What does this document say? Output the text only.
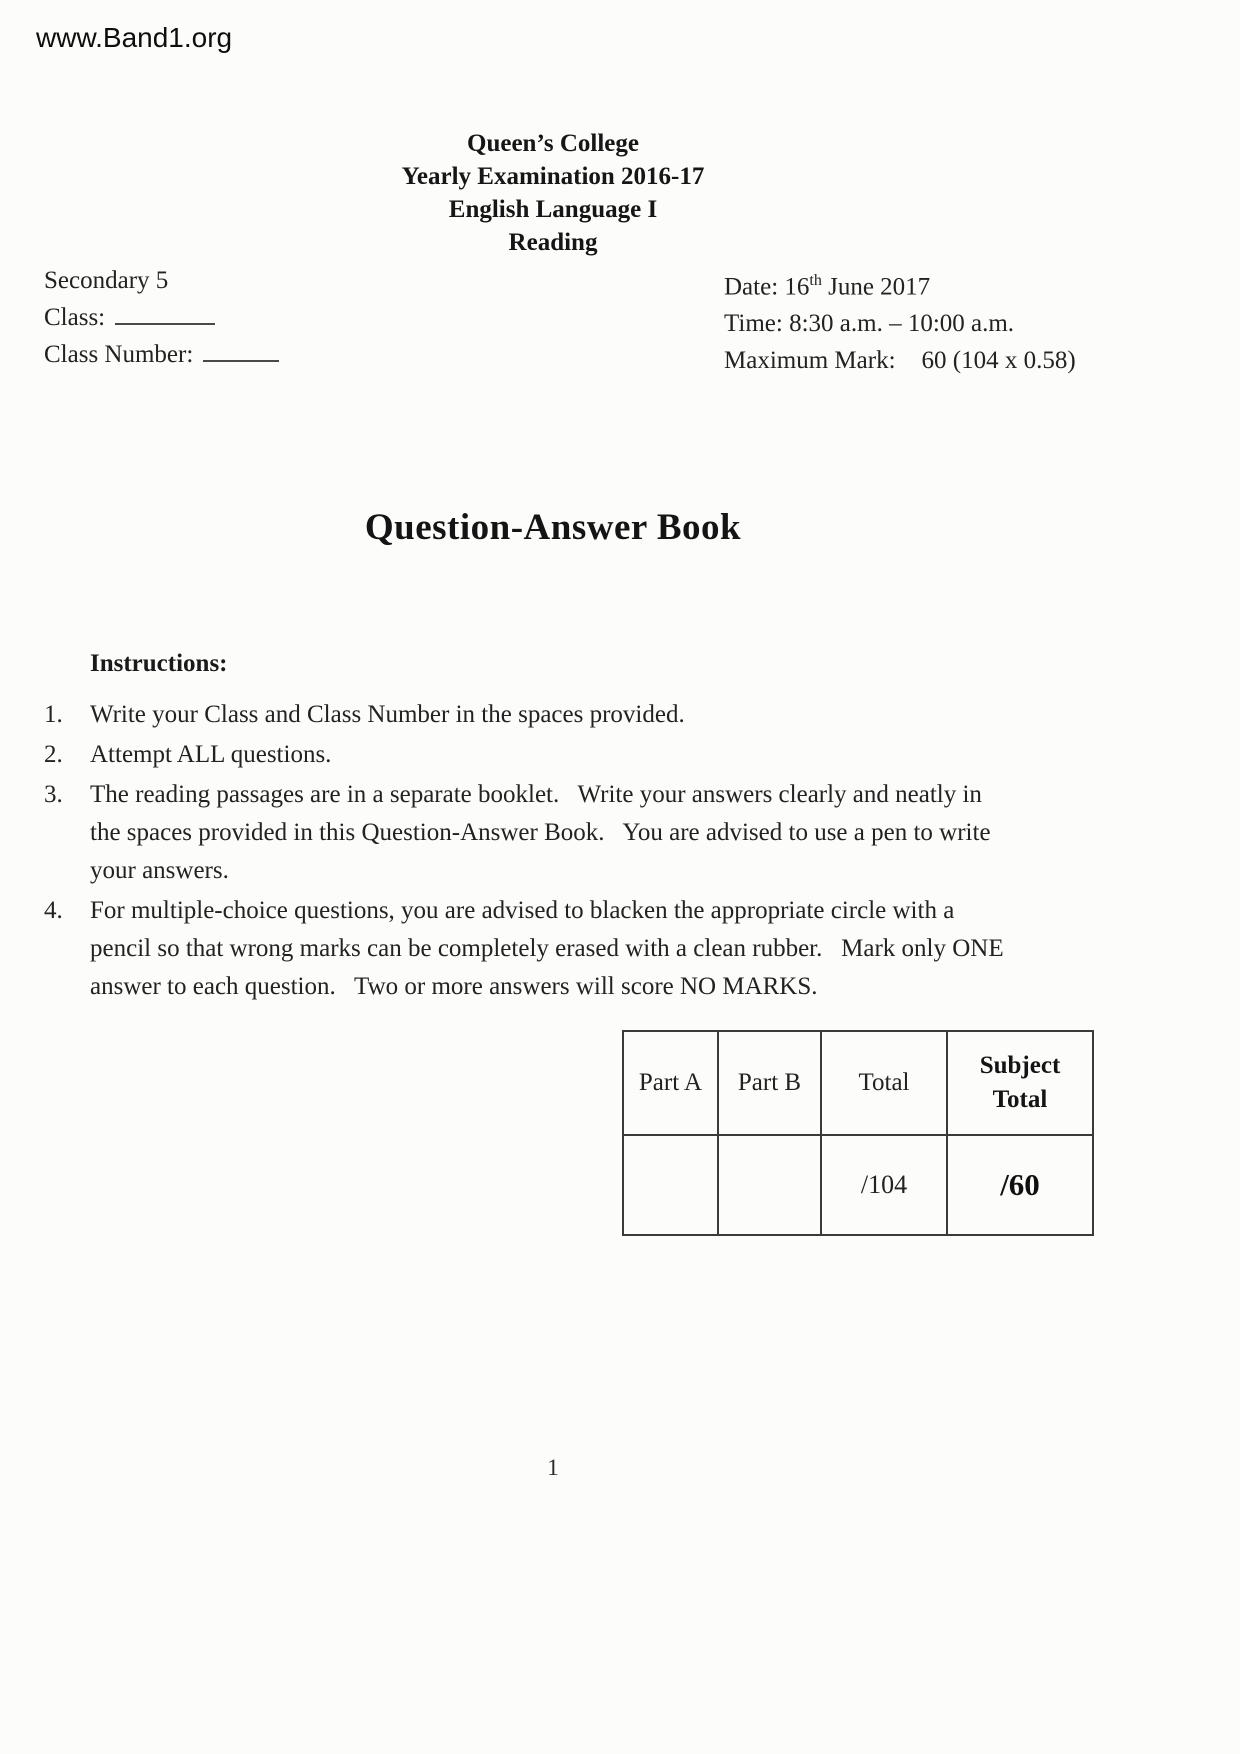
www.Band1.org
Queen’s College
Yearly Examination 2016-17
English Language I
Reading
Secondary 5
Class:
Class Number:
Date: 16th June 2017
Time: 8:30 a.m. – 10:00 a.m.
Maximum Mark: 60 (104 x 0.58)
Question-Answer Book
Instructions:
1. Write your Class and Class Number in the spaces provided.
2. Attempt ALL questions.
3. The reading passages are in a separate booklet.   Write your answers clearly and neatly in the spaces provided in this Question-Answer Book.   You are advised to use a pen to write your answers.
4. For multiple-choice questions, you are advised to blacken the appropriate circle with a pencil so that wrong marks can be completely erased with a clean rubber.   Mark only ONE answer to each question.   Two or more answers will score NO MARKS.
Part A	Part B	Total	Subject Total
		/104	/60
1
